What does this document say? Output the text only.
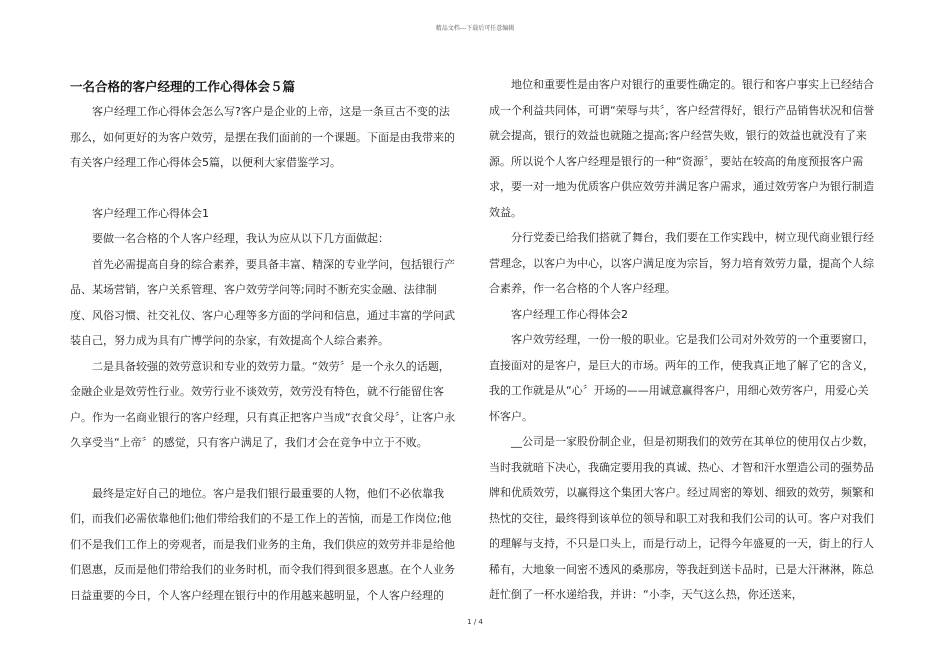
精品文档---下载后可任意编辑
一名合格的客户经理的工作心得体会５篇

客户经理工作心得体会怎么写?客户是企业的上帝，这是一条亘古不变的法那么，如何更好的为客户效劳，是摆在我们面前的一个课题。下面是由我带来的有关客户经理工作心得体会5篇，以便利大家借鉴学习。

客户经理工作心得体会1

要做一名合格的个人客户经理，我认为应从以下几方面做起：

首先必需提高自身的综合素养，要具备丰富、精深的专业学问，包括银行产品、某场营销，客户关系管理、客户效劳学问等;同时不断充实金融、法律制度、风俗习惯、社交礼仪、客户心理等多方面的学问和信息，通过丰富的学问武装自己，努力成为具有广博学问的杂家，有效提高个人综合素养。

二是具备较强的效劳意识和专业的效劳力量。“效劳〞是一个永久的话题，金融企业是效劳性行业。效劳行业不谈效劳，效劳没有特色，就不行能留住客户。作为一名商业银行的客户经理，只有真正把客户当成“衣食父母〞，让客户永久享受当“上帝〞的感觉，只有客户满足了，我们才会在竞争中立于不败。

最终是定好自己的地位。客户是我们银行最重要的人物，他们不必依靠我们，而我们必需依靠他们;他们带给我们的不是工作上的苦恼，而是工作岗位;他们不是我们工作上的旁观者，而是我们业务的主角，我们供应的效劳并非是给他们恩惠，反而是他们带给我们的业务时机，而令我们得到很多恩惠。在个人业务日益重要的今日，个人客户经理在银行中的作用越来越明显，个人客户经理的

地位和重要性是由客户对银行的重要性确定的。银行和客户事实上已经结合成一个利益共同体，可谓“荣辱与共〞，客户经营得好，银行产品销售状况和信誉就会提高，银行的效益也就随之提高;客户经营失败，银行的效益也就没有了来源。所以说个人客户经理是银行的一种“资源〞，要站在较高的角度预报客户需求，要一对一地为优质客户供应效劳并满足客户需求，通过效劳客户为银行制造效益。

分行党委已给我们搭就了舞台，我们要在工作实践中，树立现代商业银行经营理念，以客户为中心，以客户满足度为宗旨，努力培育效劳力量，提高个人综合素养，作一名合格的个人客户经理。

客户经理工作心得体会2

客户效劳经理，一份一般的职业。它是我们公司对外效劳的一个重要窗口，直接面对的是客户，是巨大的市场。两年的工作，使我真正地了解了它的含义，我的工作就是从“心〞开场的——用诚意赢得客户，用细心效劳客户，用爱心关怀客户。

__公司是一家股份制企业，但是初期我们的效劳在其单位的使用仅占少数，当时我就暗下决心，我确定要用我的真诚、热心、才智和汗水塑造公司的强势品牌和优质效劳，以赢得这个集团大客户。经过周密的筹划、细致的效劳，频繁和热忱的交往，最终得到该单位的领导和职工对我和我们公司的认可。客户对我们的理解与支持，不只是口头上，而是行动上，记得今年盛夏的一天，街上的行人稀有，大地象一间密不透风的桑那房，等我赶到送卡品时，已是大汗淋淋，陈总赶忙倒了一杯水递给我，并讲：“小李，天气这么热，你还送来，

1 / 4
